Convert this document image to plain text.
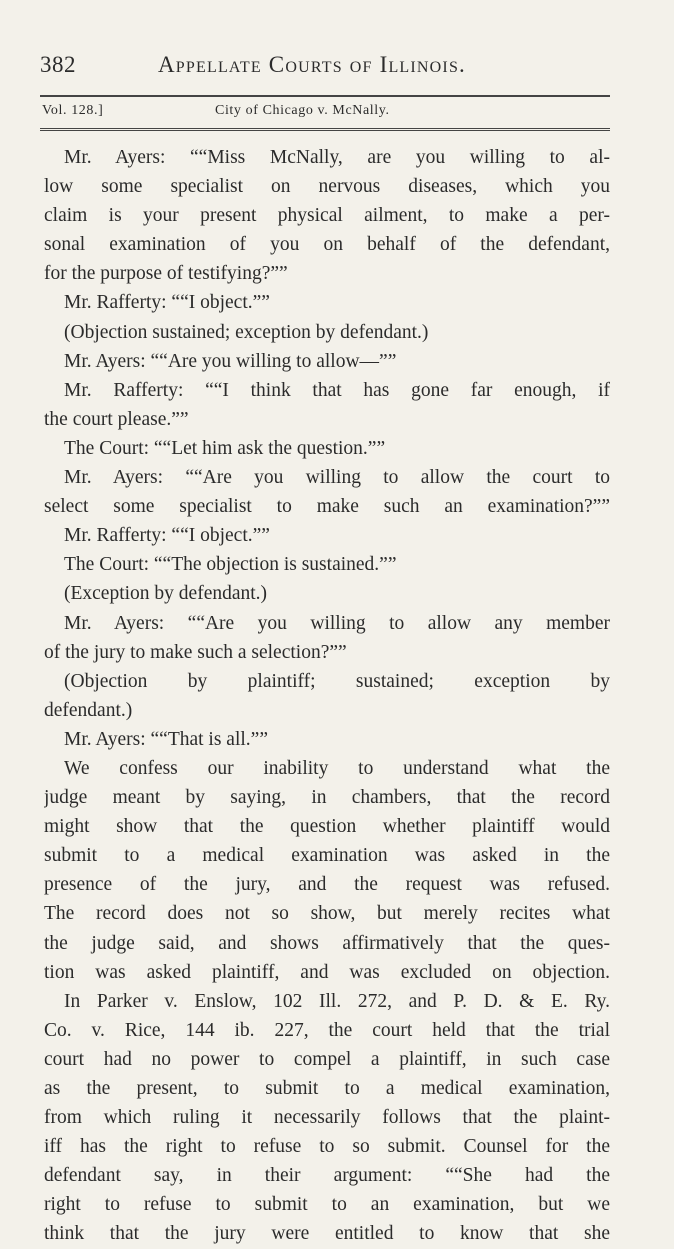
382	Appellate Courts of Illinois.
Vol. 128.]	City of Chicago v. McNally.
Mr. Ayers: ““Miss McNally, are you willing to al-
low some specialist on nervous diseases, which you
claim is your present physical ailment, to make a per-
sonal examination of you on behalf of the defendant,
for the purpose of testifying?””
Mr. Rafferty: ““I object.””
(Objection sustained; exception by defendant.)
Mr. Ayers: ““Are you willing to allow—””
Mr. Rafferty: ““I think that has gone far enough, if
the court please.””
The Court: ““Let him ask the question.””
Mr. Ayers: ““Are you willing to allow the court to
select some specialist to make such an examination?””
Mr. Rafferty: ““I object.””
The Court: ““The objection is sustained.””
(Exception by defendant.)
Mr. Ayers: ““Are you willing to allow any member
of the jury to make such a selection?””
(Objection by plaintiff; sustained; exception by
defendant.)
Mr. Ayers: ““That is all.””
We confess our inability to understand what the
judge meant by saying, in chambers, that the record
might show that the question whether plaintiff would
submit to a medical examination was asked in the
presence of the jury, and the request was refused.
The record does not so show, but merely recites what
the judge said, and shows affirmatively that the ques-
tion was asked plaintiff, and was excluded on objection.
In Parker v. Enslow, 102 Ill. 272, and P. D. & E. Ry.
Co. v. Rice, 144 ib. 227, the court held that the trial
court had no power to compel a plaintiff, in such case
as the present, to submit to a medical examination,
from which ruling it necessarily follows that the plaint-
iff has the right to refuse to so submit. Counsel for the
defendant say, in their argument: ““She had the
right to refuse to submit to an examination, but we
think that the jury were entitled to know that she
